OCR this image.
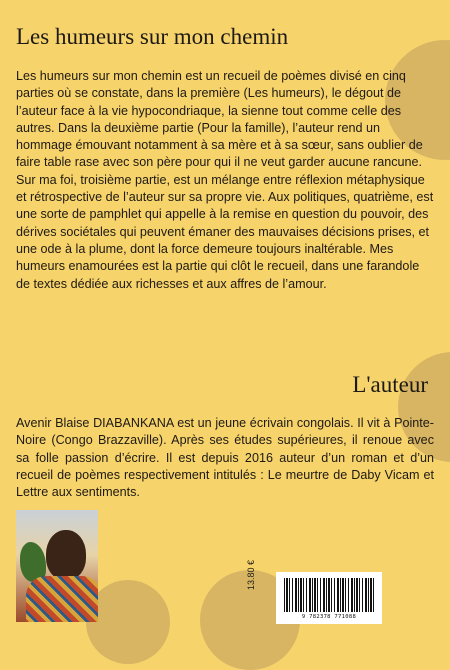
Les humeurs sur mon chemin

Les humeurs sur mon chemin est un recueil de poèmes divisé en cinq parties où se constate, dans la première (Les humeurs), le dégout de l’auteur face à la vie hypocondriaque, la sienne tout comme celle des autres. Dans la deuxième partie (Pour la famille), l’auteur rend un hommage émouvant notamment à sa mère et à sa sœur, sans oublier de faire table rase avec son père pour qui il ne veut garder aucune rancune. Sur ma foi, troisième partie, est un mélange entre réflexion métaphysique et rétrospective de l’auteur sur sa propre vie. Aux politiques, quatrième, est une sorte de pamphlet qui appelle à la remise en question du pouvoir, des dérives sociétales qui peuvent émaner des mauvaises décisions prises, et une ode à la plume, dont la force demeure toujours inaltérable. Mes humeurs enamourées est la partie qui clôt le recueil, dans une farandole de textes dédiée aux richesses et aux affres de l’amour.

L'auteur

Avenir Blaise DIABANKANA est un jeune écrivain congolais. Il vit à Pointe-Noire (Congo Brazzaville). Après ses études supérieures, il renoue avec sa folle passion d’écrire. Il est depuis 2016 auteur d’un roman et d’un recueil de poèmes respectivement intitulés : Le meurtre de Daby Vicam et Lettre aux sentiments.

13.80 €
9 782378 771088
